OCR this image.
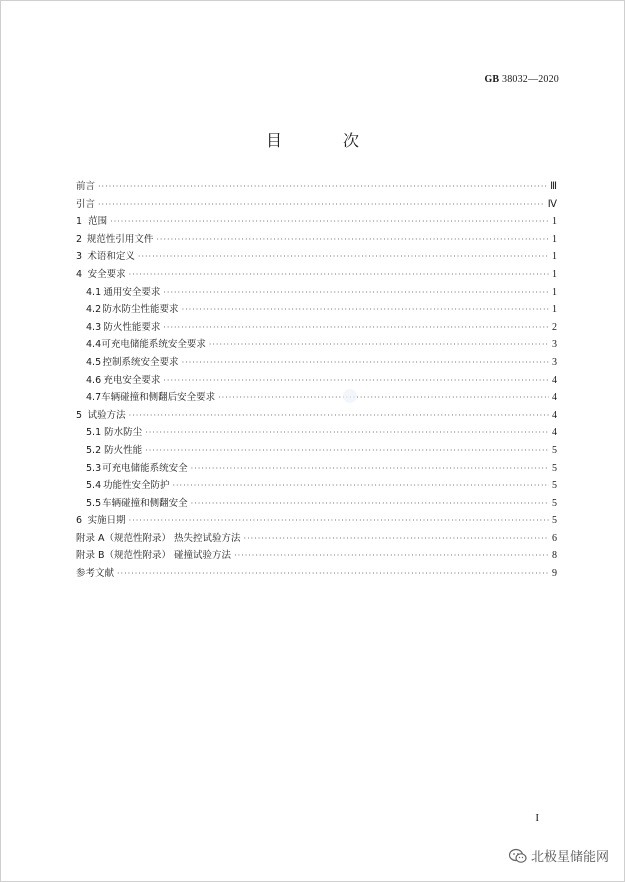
GB 38032—2020
目 次
前言 ·····	Ⅲ
引言 ·····	Ⅳ
1 范围 ·····	1
2 规范性引用文件 ·····	1
3 术语和定义 ·····	1
4 安全要求 ·····	1
4.1 通用安全要求 ·····	1
4.2 防水防尘性能要求 ·····	1
4.3 防火性能要求 ·····	2
4.4 可充电储能系统安全要求 ·····	3
4.5 控制系统安全要求 ·····	3
4.6 充电安全要求 ·····	4
4.7 车辆碰撞和侧翻后安全要求 ·····	4
5 试验方法 ·····	4
5.1 防水防尘 ·····	4
5.2 防火性能 ·····	5
5.3 可充电储能系统安全 ·····	5
5.4 功能性安全防护 ·····	5
5.5 车辆碰撞和侧翻安全 ·····	5
6 实施日期 ·····	5
附录 A（规范性附录） 热失控试验方法 ·····	6
附录 B（规范性附录） 碰撞试验方法 ·····	8
参考文献 ·····	9
I
北极星储能网
